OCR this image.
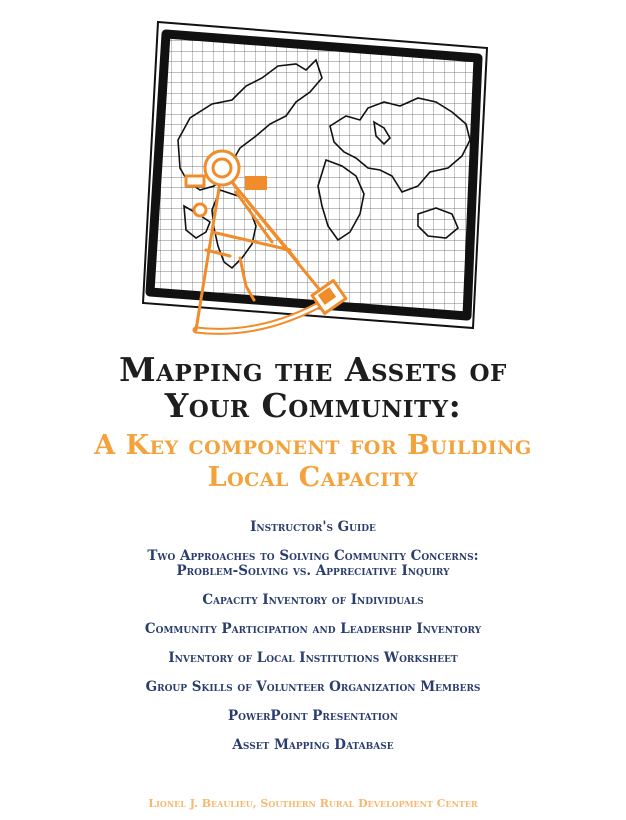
Mapping the Assets of
Your Community:
A Key component for Building
Local Capacity
Instructor's Guide
Two Approaches to Solving Community Concerns:
Problem-Solving vs. Appreciative Inquiry
Capacity Inventory of Individuals
Community Participation and Leadership Inventory
Inventory of Local Institutions Worksheet
Group Skills of Volunteer Organization Members
PowerPoint Presentation
Asset Mapping Database
Lionel J. Beaulieu, Southern Rural Development Center
